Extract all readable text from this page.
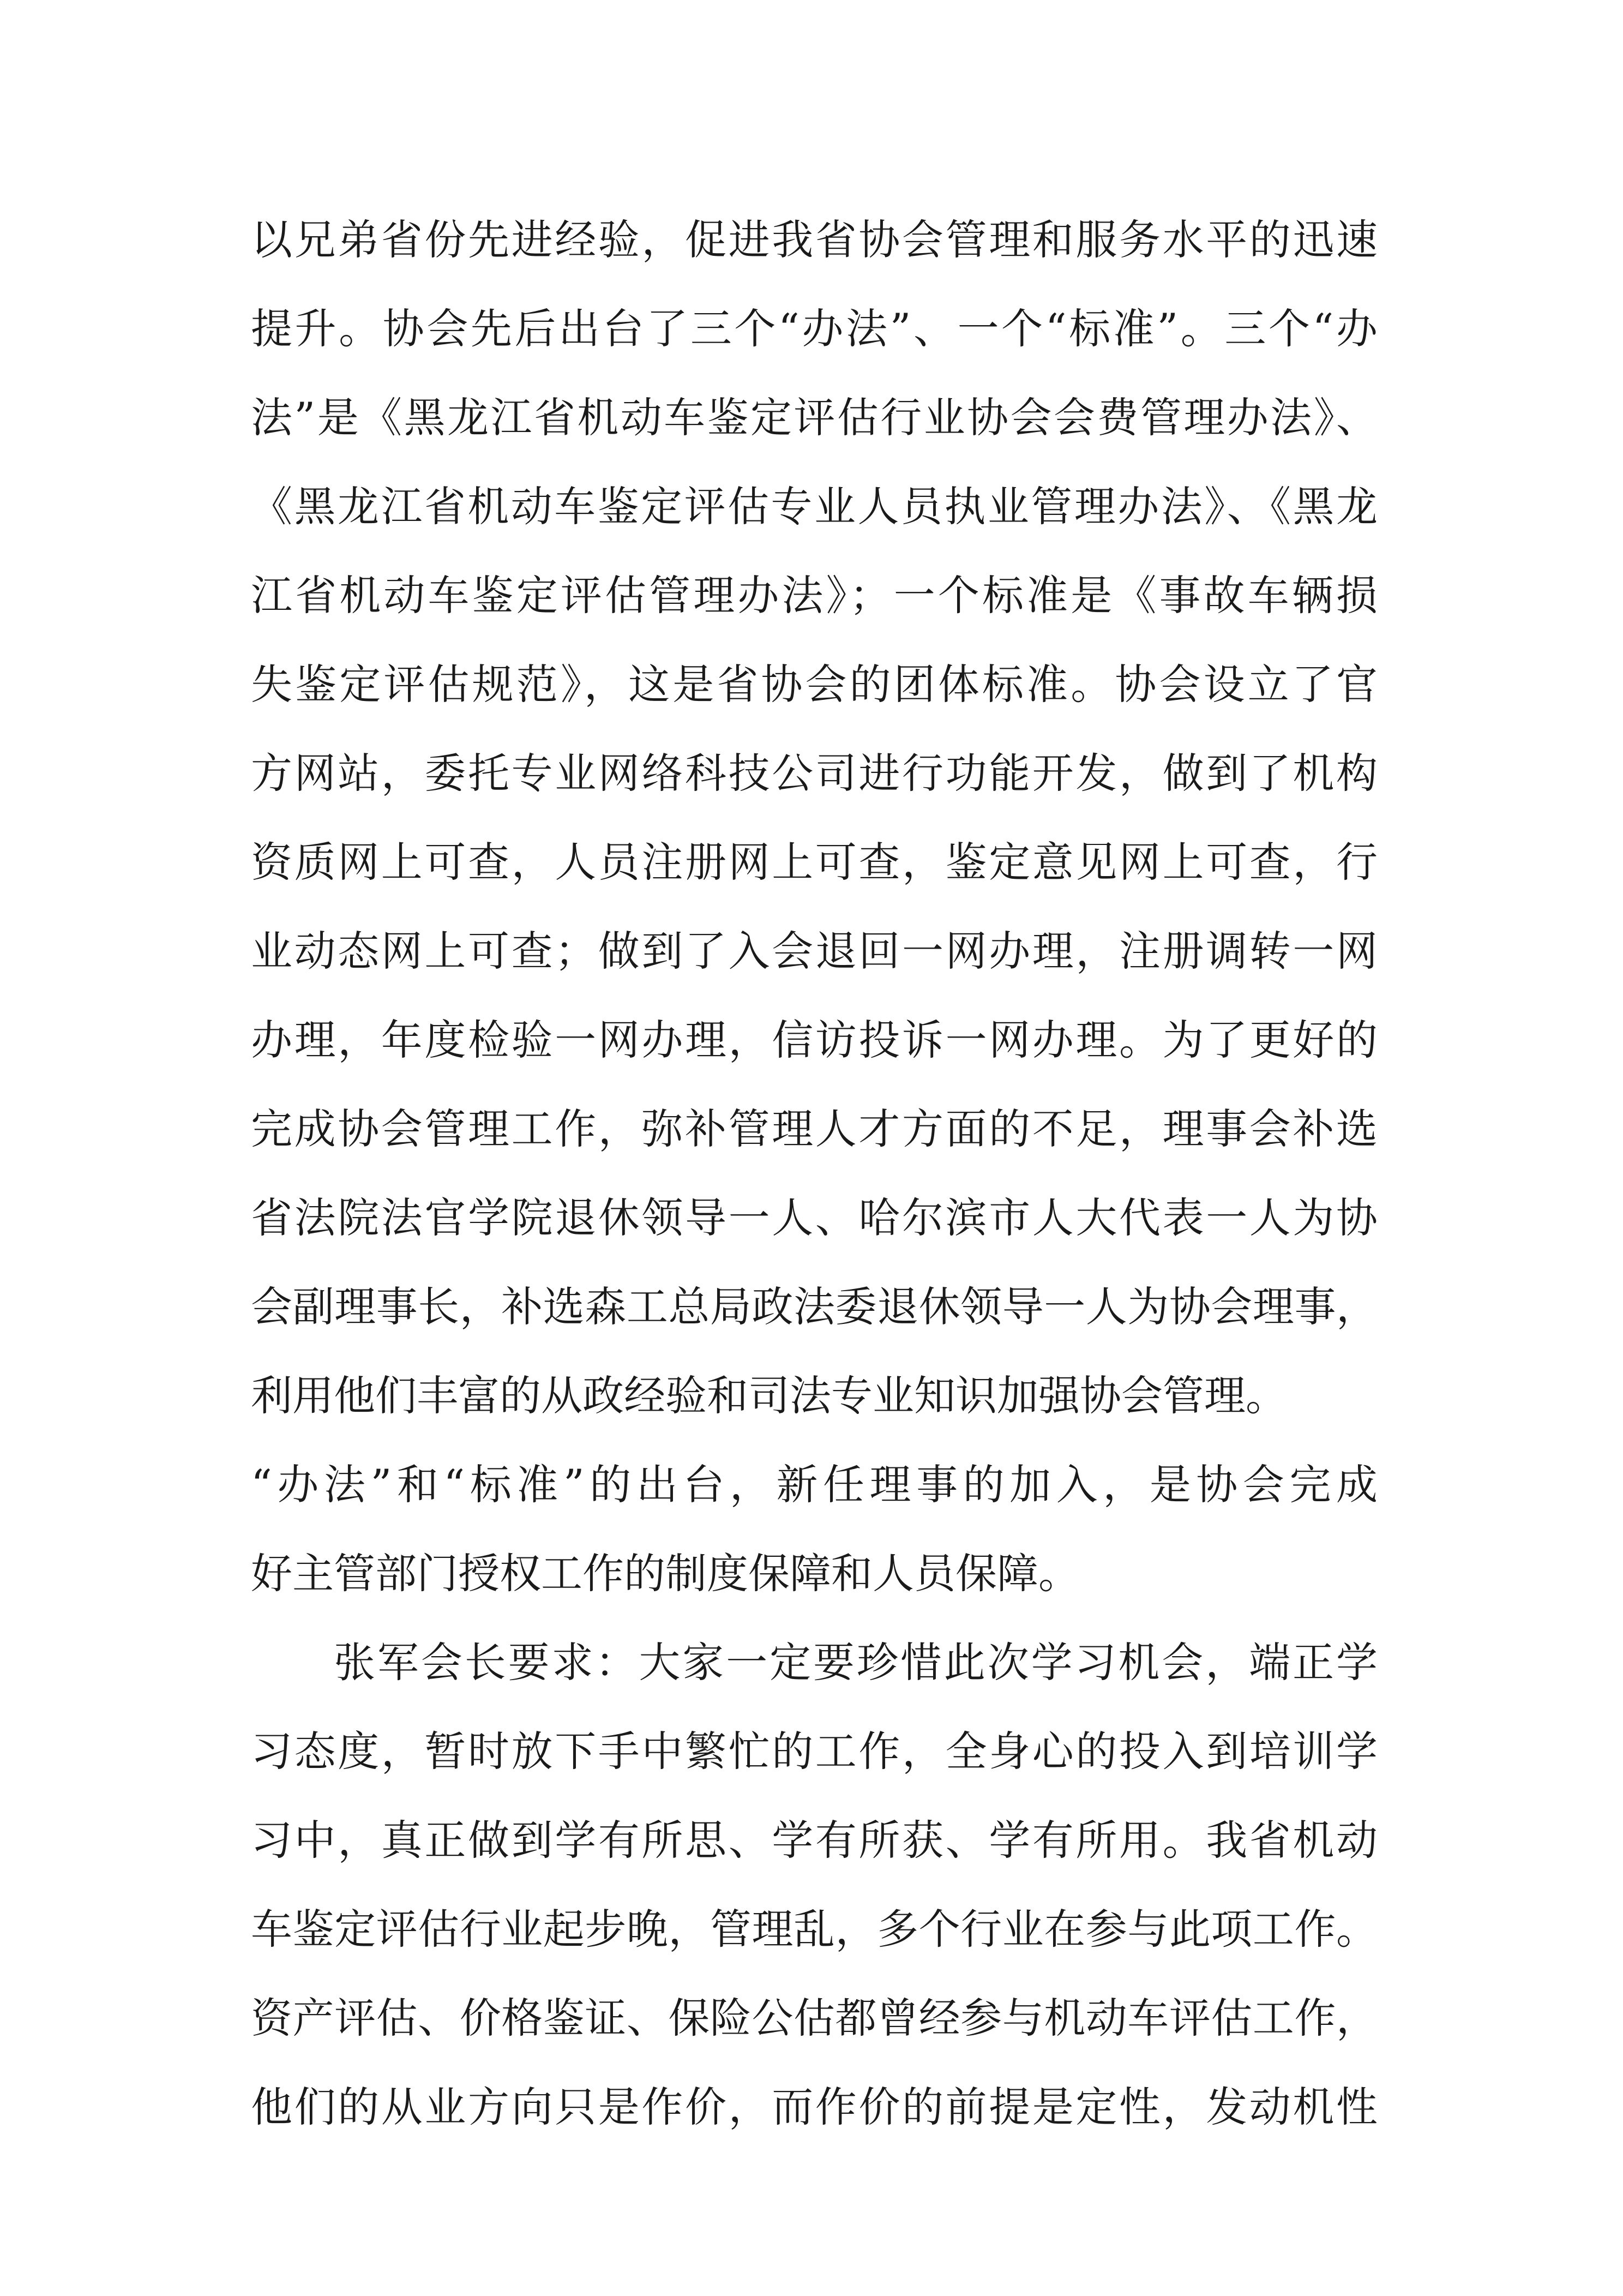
以兄弟省份先进经验，促进我省协会管理和服务水平的迅速
提升。协会先后出台了三个“办法”、一个“标准”。三个“办
法”是《黑龙江省机动车鉴定评估行业协会会费管理办法》、
《黑龙江省机动车鉴定评估专业人员执业管理办法》、《黑龙
江省机动车鉴定评估管理办法》；一个标准是《事故车辆损
失鉴定评估规范》，这是省协会的团体标准。协会设立了官
方网站，委托专业网络科技公司进行功能开发，做到了机构
资质网上可查，人员注册网上可查，鉴定意见网上可查，行
业动态网上可查；做到了入会退回一网办理，注册调转一网
办理，年度检验一网办理，信访投诉一网办理。为了更好的
完成协会管理工作，弥补管理人才方面的不足，理事会补选
省法院法官学院退休领导一人、哈尔滨市人大代表一人为协
会副理事长，补选森工总局政法委退休领导一人为协会理事，
利用他们丰富的从政经验和司法专业知识加强协会管理。
“办法”和“标准”的出台，新任理事的加入，是协会完成
好主管部门授权工作的制度保障和人员保障。
张军会长要求：大家一定要珍惜此次学习机会，端正学
习态度，暂时放下手中繁忙的工作，全身心的投入到培训学
习中，真正做到学有所思、学有所获、学有所用。我省机动
车鉴定评估行业起步晚，管理乱，多个行业在参与此项工作。
资产评估、价格鉴证、保险公估都曾经参与机动车评估工作，
他们的从业方向只是作价，而作价的前提是定性，发动机性
